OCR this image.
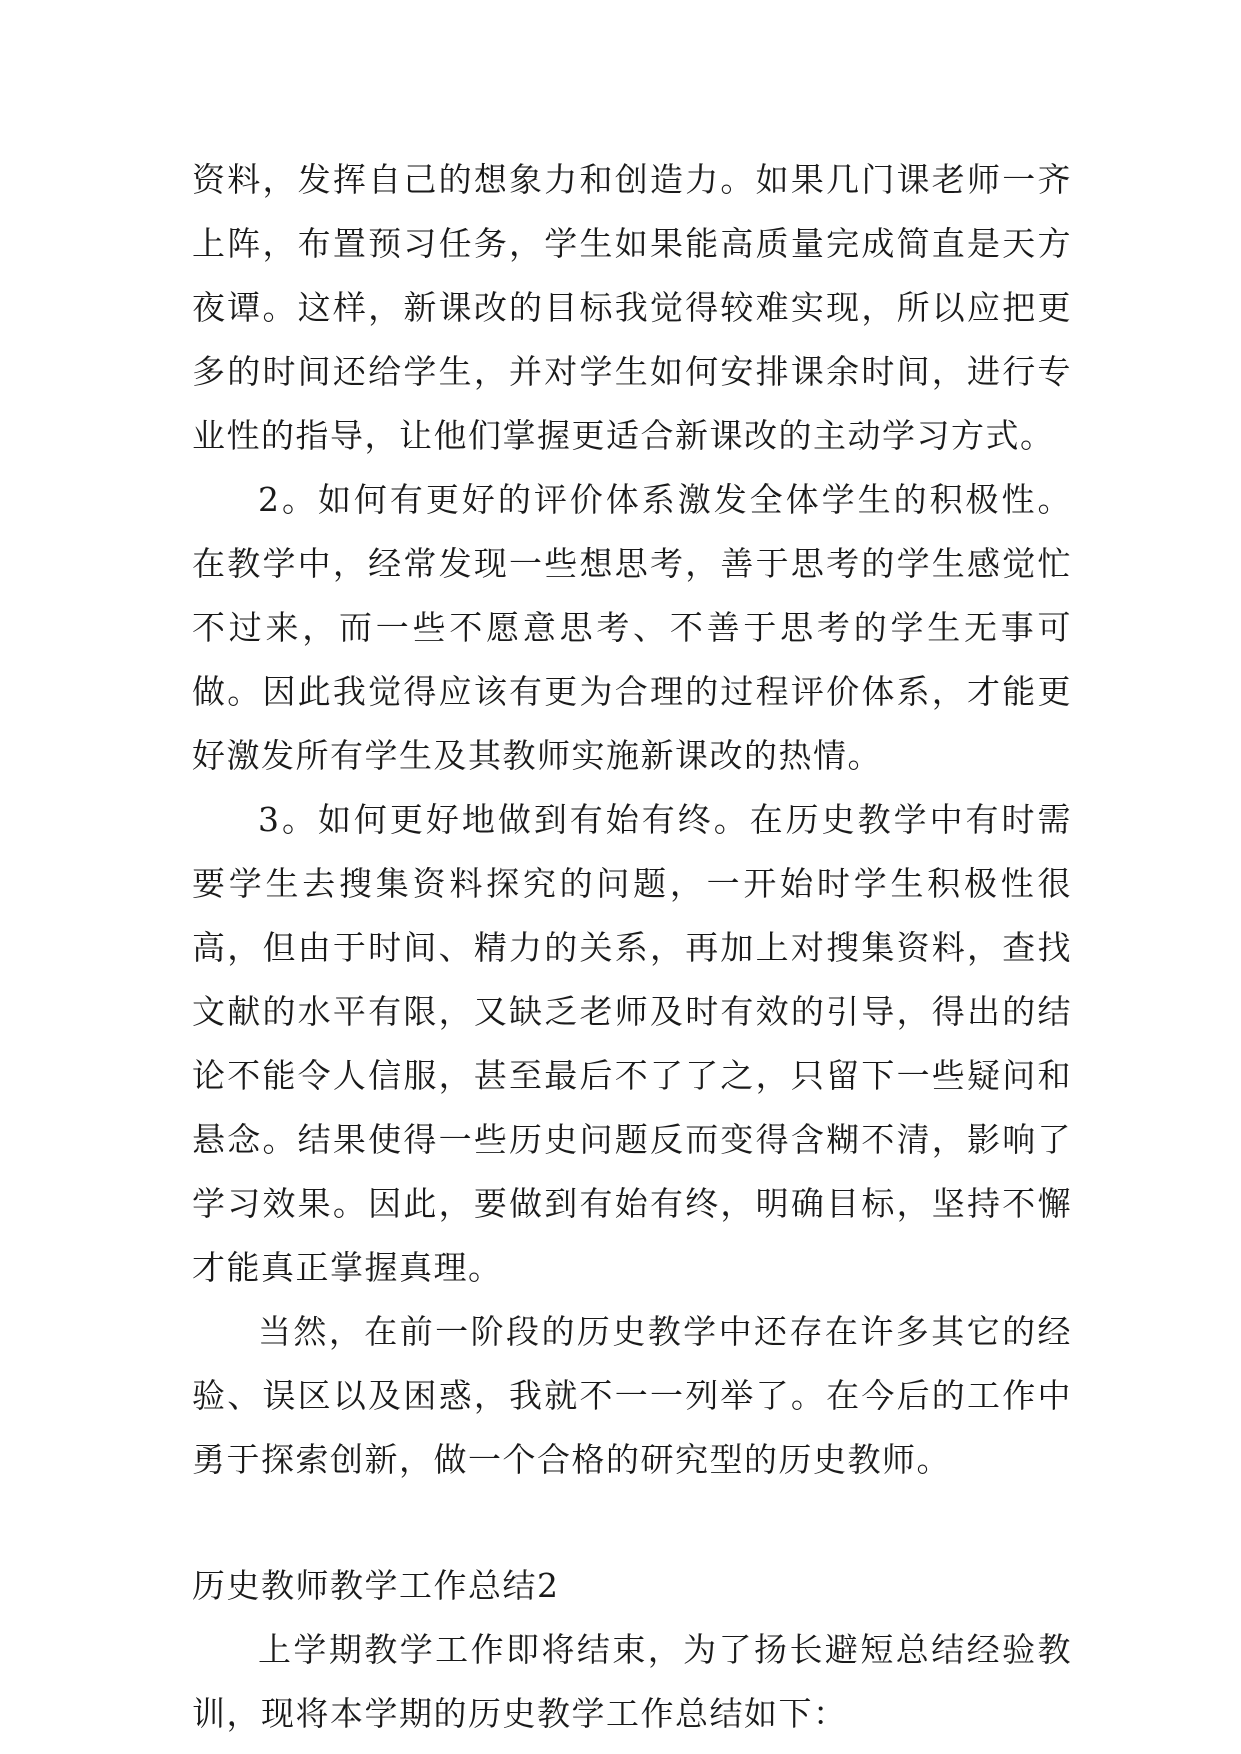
资料，发挥自己的想象力和创造力。如果几门课老师一齐上阵，布置预习任务，学生如果能高质量完成简直是天方夜谭。这样，新课改的目标我觉得较难实现，所以应把更多的时间还给学生，并对学生如何安排课余时间，进行专业性的指导，让他们掌握更适合新课改的主动学习方式。

2。如何有更好的评价体系激发全体学生的积极性。在教学中，经常发现一些想思考，善于思考的学生感觉忙不过来，而一些不愿意思考、不善于思考的学生无事可做。因此我觉得应该有更为合理的过程评价体系，才能更好激发所有学生及其教师实施新课改的热情。

3。如何更好地做到有始有终。在历史教学中有时需要学生去搜集资料探究的问题，一开始时学生积极性很高，但由于时间、精力的关系，再加上对搜集资料，查找文献的水平有限，又缺乏老师及时有效的引导，得出的结论不能令人信服，甚至最后不了了之，只留下一些疑问和悬念。结果使得一些历史问题反而变得含糊不清，影响了学习效果。因此，要做到有始有终，明确目标，坚持不懈才能真正掌握真理。

当然，在前一阶段的历史教学中还存在许多其它的经验、误区以及困惑，我就不一一列举了。在今后的工作中勇于探索创新，做一个合格的研究型的历史教师。

历史教师教学工作总结2

上学期教学工作即将结束，为了扬长避短总结经验教训，现将本学期的历史教学工作总结如下：
